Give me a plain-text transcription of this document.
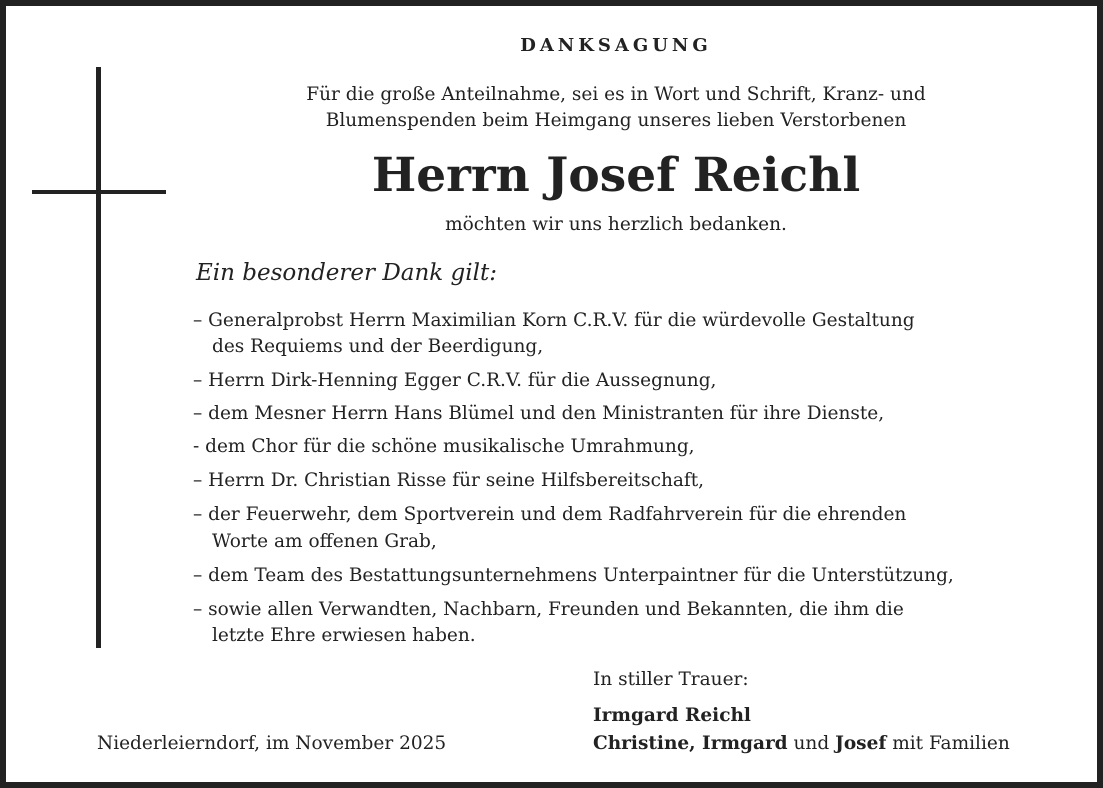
DANKSAGUNG
Für die große Anteilnahme, sei es in Wort und Schrift, Kranz- und
Blumenspenden beim Heimgang unseres lieben Verstorbenen
Herrn Josef Reichl
möchten wir uns herzlich bedanken.
Ein besonderer Dank gilt:
– Generalprobst Herrn Maximilian Korn C.R.V. für die würdevolle Gestaltung
des Requiems und der Beerdigung,
– Herrn Dirk-Henning Egger C.R.V. für die Aussegnung,
– dem Mesner Herrn Hans Blümel und den Ministranten für ihre Dienste,
- dem Chor für die schöne musikalische Umrahmung,
– Herrn Dr. Christian Risse für seine Hilfsbereitschaft,
– der Feuerwehr, dem Sportverein und dem Radfahrverein für die ehrenden
Worte am offenen Grab,
– dem Team des Bestattungsunternehmens Unterpaintner für die Unterstützung,
– sowie allen Verwandten, Nachbarn, Freunden und Bekannten, die ihm die
letzte Ehre erwiesen haben.
In stiller Trauer:
Irmgard Reichl
Christine, Irmgard und Josef mit Familien
Niederleierndorf, im November 2025
